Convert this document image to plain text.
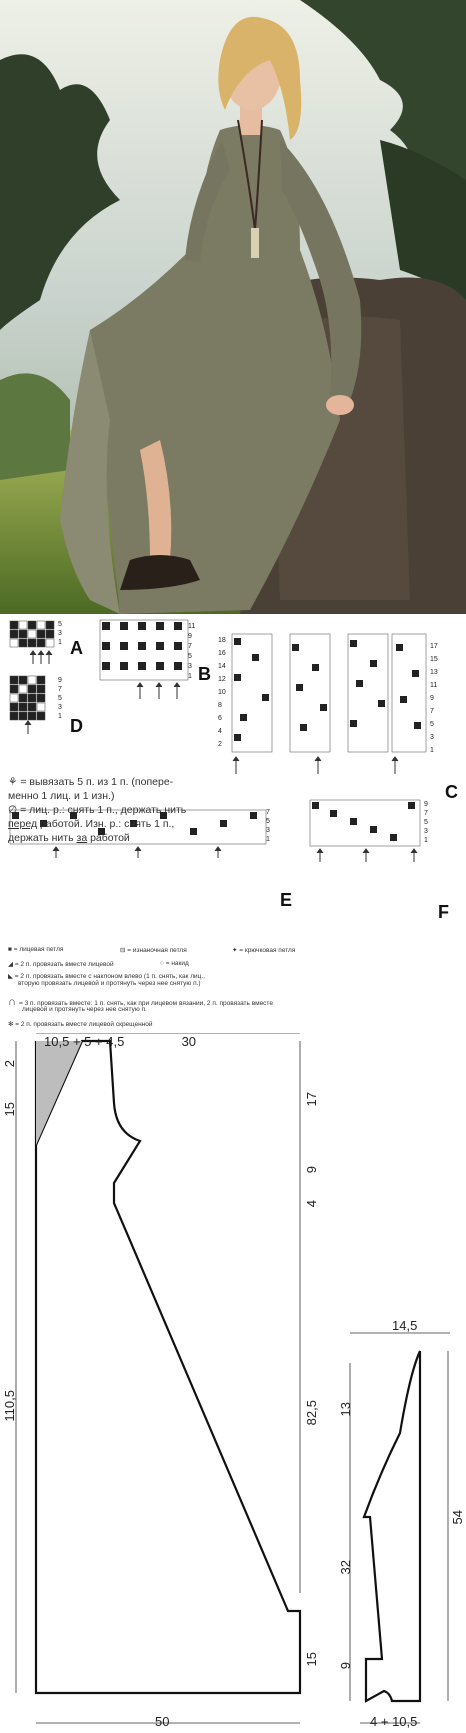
A
B
D
C
E
F
5
3
1
11
9
7
5
3
1
9
7
5
3
1
18
16
14
12
10
8
6
4
2
17
15
13
11
9
7
5
3
1
7
5
3
1
9
7
5
3
1
⚘ = вывязать 5 п. из 1 п. (попере-
менно 1 лиц. и 1 изн.)
∅ = лиц. р.: снять 1 п., держать нить
перед работой. Изн. р.: снять 1 п.,
держать нить за работой
■ = лицевая петля	⊟ = изнаночная петля	✦ = крючковая петля
◢ = 2 п. провязать вместе лицевой	○ = накид
◣ = 2 п. провязать вместе с наклоном влево (1 п. снять, как лиц.,
вторую провязать лицевой и протянуть через нее снятую п.)
∩ = 3 п. провязать вместе: 1 п. снять, как при лицевом вязании, 2 п. провязать вместе
лицевой и протянуть через нее снятую п.
✻ = 2 п. провязать вместе лицевой скрещенной
10,5 + 5 + 4,5	30
2
15
110,5
17
9
4
82,5
15
50
14,5
13
32
9
54
4 + 10,5
